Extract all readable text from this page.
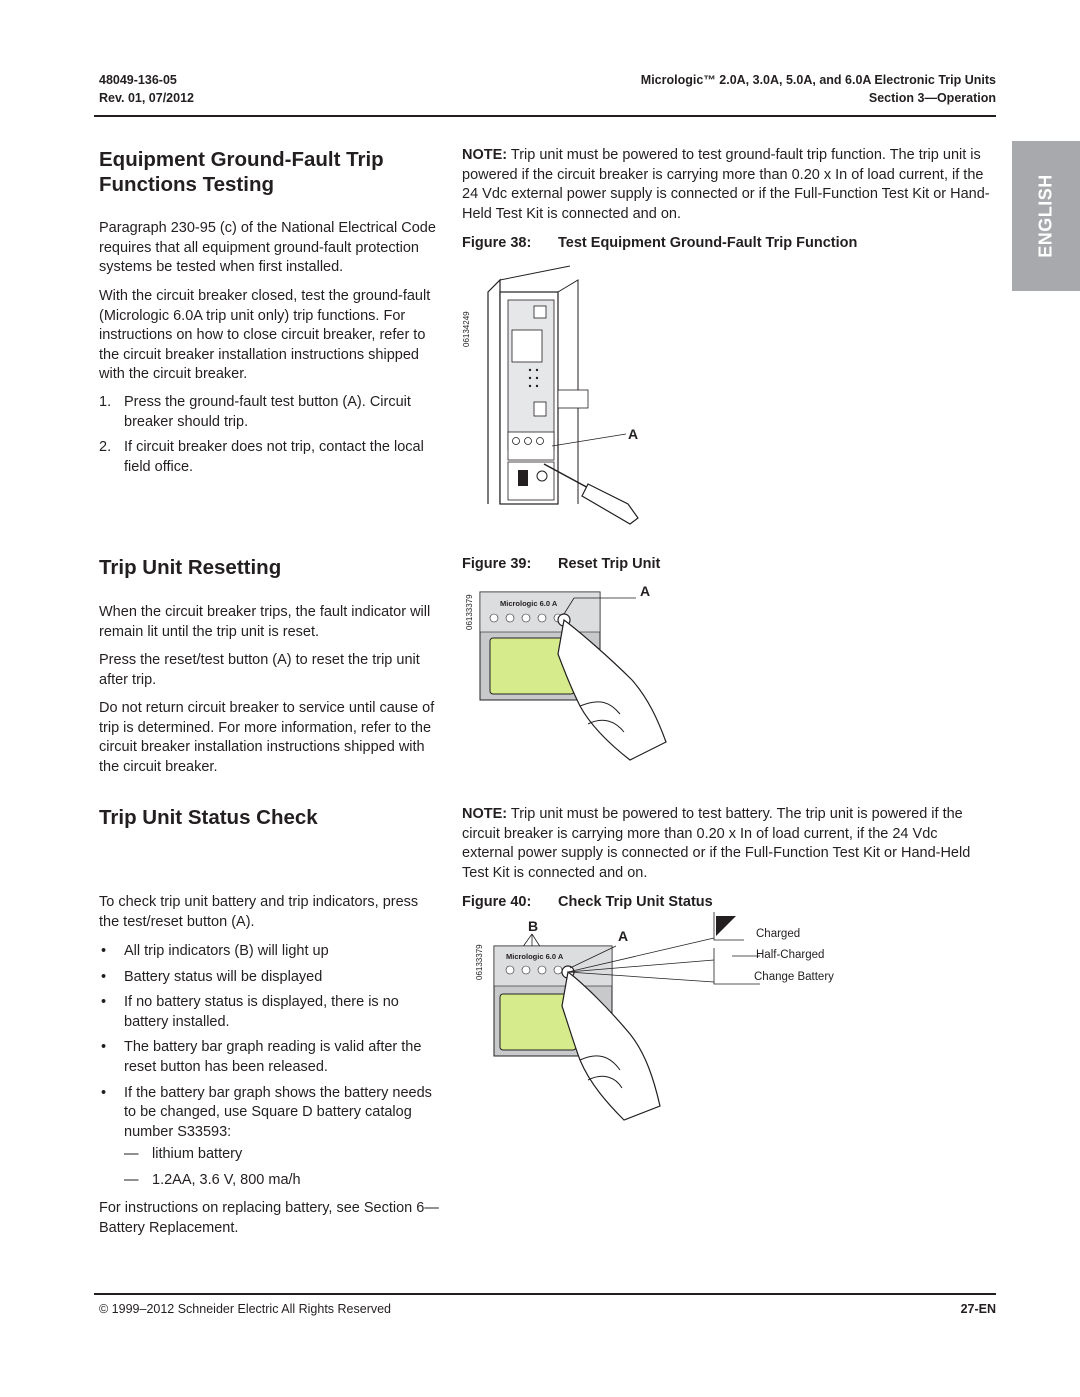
48049-136-05
Rev. 01, 07/2012
Micrologic™ 2.0A, 3.0A, 5.0A, and 6.0A Electronic Trip Units
Section 3—Operation
ENGLISH
Equipment Ground-Fault Trip
Functions Testing

Paragraph 230-95 (c) of the National Electrical Code requires that all equipment ground-fault protection systems be tested when first installed.

With the circuit breaker closed, test the ground-fault (Micrologic 6.0A trip unit only) trip functions. For instructions on how to close circuit breaker, refer to the circuit breaker installation instructions shipped with the circuit breaker.

1. Press the ground-fault test button (A). Circuit breaker should trip.
2. If circuit breaker does not trip, contact the local field office.

NOTE: Trip unit must be powered to test ground-fault trip function. The trip unit is powered if the circuit breaker is carrying more than 0.20 x In of load current, if the 24 Vdc external power supply is connected or if the Full-Function Test Kit or Hand-Held Test Kit is connected and on.

Figure 38: Test Equipment Ground-Fault Trip Function
06134249
A
Trip Unit Resetting

When the circuit breaker trips, the fault indicator will remain lit until the trip unit is reset.

Press the reset/test button (A) to reset the trip unit after trip.

Do not return circuit breaker to service until cause of trip is determined. For more information, refer to the circuit breaker installation instructions shipped with the circuit breaker.

Figure 39: Reset Trip Unit
06133379	Micrologic 6.0 A
A
Trip Unit Status Check

To check trip unit battery and trip indicators, press the test/reset button (A).

• All trip indicators (B) will light up
• Battery status will be displayed
• If no battery status is displayed, there is no battery installed.
• The battery bar graph reading is valid after the reset button has been released.
• If the battery bar graph shows the battery needs to be changed, use Square D battery catalog number S33593:
— lithium battery
— 1.2AA, 3.6 V, 800 ma/h

For instructions on replacing battery, see Section 6—Battery Replacement.

NOTE: Trip unit must be powered to test battery. The trip unit is powered if the circuit breaker is carrying more than 0.20 x In of load current, if the 24 Vdc external power supply is connected or if the Full-Function Test Kit or Hand-Held Test Kit is connected and on.

Figure 40: Check Trip Unit Status
06133379
B
A
Micrologic 6.0 A
Charged
Half-Charged
Change Battery
© 1999–2012 Schneider Electric All Rights Reserved	27-EN
